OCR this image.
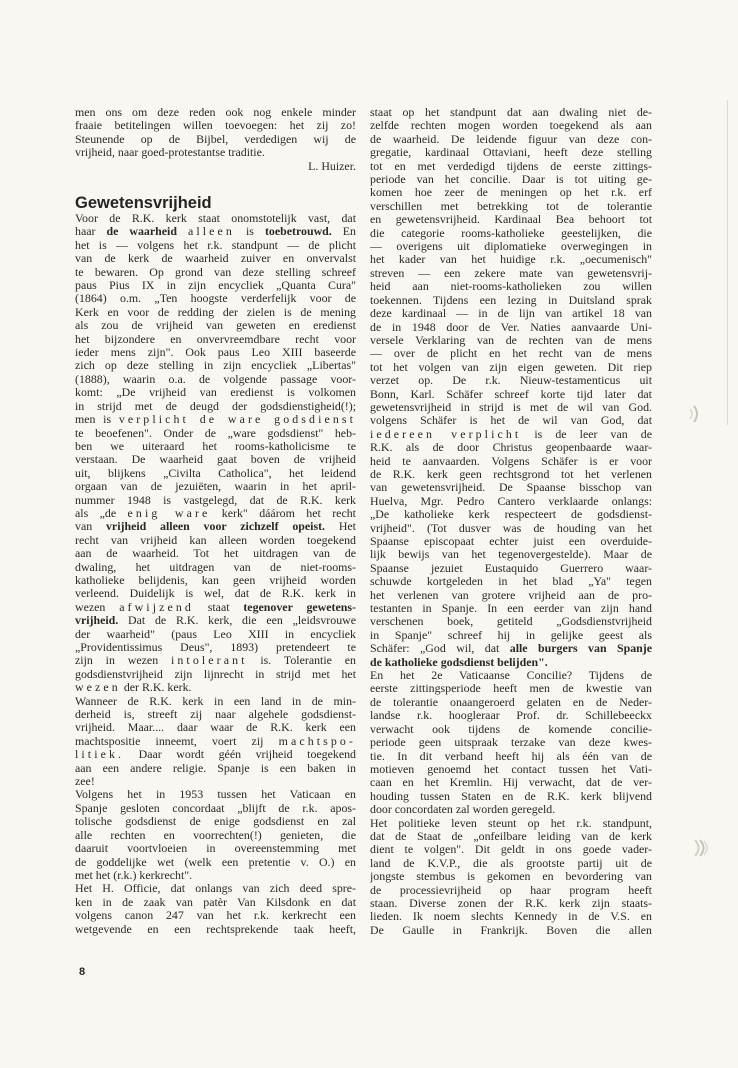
men ons om deze reden ook nog enkele minder
fraaie betitelingen willen toevoegen: het zij zo!
Steunende op de Bijbel, verdedigen wij de
vrijheid, naar goed-protestantse traditie.
L. Huizer.
Gewetensvrijheid
Voor de R.K. kerk staat onomstotelijk vast, dat
haar de waarheid alleen is toebetrouwd. En
het is — volgens het r.k. standpunt — de plicht
van de kerk de waarheid zuiver en onvervalst
te bewaren. Op grond van deze stelling schreef
paus Pius IX in zijn encycliek „Quanta Cura"
(1864) o.m. „Ten hoogste verderfelijk voor de
Kerk en voor de redding der zielen is de mening
als zou de vrijheid van geweten en eredienst
het bijzondere en onvervreemdbare recht voor
ieder mens zijn". Ook paus Leo XIII baseerde
zich op deze stelling in zijn encycliek „Libertas"
(1888), waarin o.a. de volgende passage voor-
komt: „De vrijheid van eredienst is volkomen
in strijd met de deugd der godsdienstigheid(!);
men is verplicht de ware godsdienst
te beoefenen". Onder de „ware godsdienst" heb-
ben we uiteraard het rooms-katholicisme te
verstaan. De waarheid gaat boven de vrijheid
uit, blijkens „Civilta Catholica", het leidend
orgaan van de jezuiëten, waarin in het april-
nummer 1948 is vastgelegd, dat de R.K. kerk
als „de enig ware kerk" dáárom het recht
van vrijheid alleen voor zichzelf opeist. Het
recht van vrijheid kan alleen worden toegekend
aan de waarheid. Tot het uitdragen van de
dwaling, het uitdragen van de niet-rooms-
katholieke belijdenis, kan geen vrijheid worden
verleend. Duidelijk is wel, dat de R.K. kerk in
wezen afwijzend staat tegenover gewetens-
vrijheid. Dat de R.K. kerk, die een „leidsvrouwe
der waarheid" (paus Leo XIII in encycliek
„Providentissimus Deus", 1893) pretendeert te
zijn in wezen intolerant is. Tolerantie en
godsdienstvrijheid zijn lijnrecht in strijd met het
wezen der R.K. kerk.
Wanneer de R.K. kerk in een land in de min-
derheid is, streeft zij naar algehele godsdienst-
vrijheid. Maar.... daar waar de R.K. kerk een
machtspositie inneemt, voert zij machtspo-
litiek. Daar wordt géén vrijheid toegekend
aan een andere religie. Spanje is een baken in
zee!
Volgens het in 1953 tussen het Vaticaan en
Spanje gesloten concordaat „blijft de r.k. apos-
tolische godsdienst de enige godsdienst en zal
alle rechten en voorrechten(!) genieten, die
daaruit voortvloeien in overeenstemming met
de goddelijke wet (welk een pretentie v. O.) en
met het (r.k.) kerkrecht".
Het H. Officie, dat onlangs van zich deed spre-
ken in de zaak van patèr Van Kilsdonk en dat
volgens canon 247 van het r.k. kerkrecht een
wetgevende en een rechtsprekende taak heeft,
staat op het standpunt dat aan dwaling niet de-
zelfde rechten mogen worden toegekend als aan
de waarheid. De leidende figuur van deze con-
gregatie, kardinaal Ottaviani, heeft deze stelling
tot en met verdedigd tijdens de eerste zittings-
periode van het concilie. Daar is tot uiting ge-
komen hoe zeer de meningen op het r.k. erf
verschillen met betrekking tot de tolerantie
en gewetensvrijheid. Kardinaal Bea behoort tot
die categorie rooms-katholieke geestelijken, die
— overigens uit diplomatieke overwegingen in
het kader van het huidige r.k. „oecumenisch"
streven — een zekere mate van gewetensvrij-
heid aan niet-rooms-katholieken zou willen
toekennen. Tijdens een lezing in Duitsland sprak
deze kardinaal — in de lijn van artikel 18 van
de in 1948 door de Ver. Naties aanvaarde Uni-
versele Verklaring van de rechten van de mens
— over de plicht en het recht van de mens
tot het volgen van zijn eigen geweten. Dit riep
verzet op. De r.k. Nieuw-testamenticus uit
Bonn, Karl. Schäfer schreef korte tijd later dat
gewetensvrijheid in strijd is met de wil van God.
volgens Schäfer is het de wil van God, dat
iedereen verplicht is de leer van de
R.K. als de door Christus geopenbaarde waar-
heid te aanvaarden. Volgens Schäfer is er voor
de R.K. kerk geen rechtsgrond tot het verlenen
van gewetensvrijheid. De Spaanse bisschop van
Huelva, Mgr. Pedro Cantero verklaarde onlangs:
„De katholieke kerk respecteert de godsdienst-
vrijheid". (Tot dusver was de houding van het
Spaanse episcopaat echter juist een overduide-
lijk bewijs van het tegenovergestelde). Maar de
Spaanse jezuiet Eustaquido Guerrero waar-
schuwde kortgeleden in het blad „Ya" tegen
het verlenen van grotere vrijheid aan de pro-
testanten in Spanje. In een eerder van zijn hand
verschenen boek, getiteld „Godsdienstvrijheid
in Spanje" schreef hij in gelijke geest als
Schäfer: „God wil, dat alle burgers van Spanje
de katholieke godsdienst belijden".
En het 2e Vaticaanse Concilie? Tijdens de
eerste zittingsperiode heeft men de kwestie van
de tolerantie onaangeroerd gelaten en de Neder-
landse r.k. hoogleraar Prof. dr. Schillebeeckx
verwacht ook tijdens de komende concilie-
periode geen uitspraak terzake van deze kwes-
tie. In dit verband heeft hij als één van de
motieven genoemd het contact tussen het Vati-
caan en het Kremlin. Hij verwacht, dat de ver-
houding tussen Staten en de R.K. kerk blijvend
door concordaten zal worden geregeld.
Het politieke leven steunt op het r.k. standpunt,
dat de Staat de „onfeilbare leiding van de kerk
dient te volgen". Dit geldt in ons goede vader-
land de K.V.P., die als grootste partij uit de
jongste stembus is gekomen en bevordering van
de processievrijheid op haar program heeft
staan. Diverse zonen der R.K. kerk zijn staats-
lieden. Ik noem slechts Kennedy in de V.S. en
De Gaulle in Frankrijk. Boven die allen
8
